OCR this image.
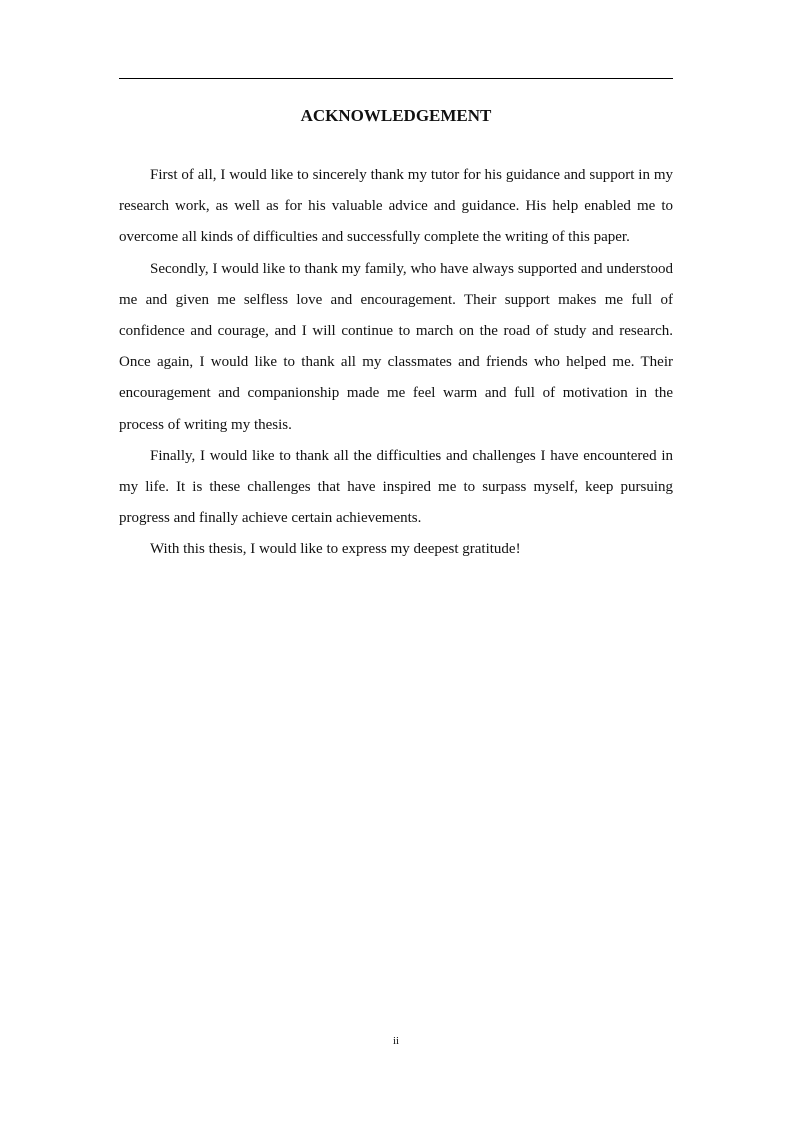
ACKNOWLEDGEMENT

First of all, I would like to sincerely thank my tutor for his guidance and support in my research work, as well as for his valuable advice and guidance. His help enabled me to overcome all kinds of difficulties and successfully complete the writing of this paper.

Secondly, I would like to thank my family, who have always supported and understood me and given me selfless love and encouragement. Their support makes me full of confidence and courage, and I will continue to march on the road of study and research. Once again, I would like to thank all my classmates and friends who helped me. Their encouragement and companionship made me feel warm and full of motivation in the process of writing my thesis.

Finally, I would like to thank all the difficulties and challenges I have encountered in my life. It is these challenges that have inspired me to surpass myself, keep pursuing progress and finally achieve certain achievements.

With this thesis, I would like to express my deepest gratitude!

ii
